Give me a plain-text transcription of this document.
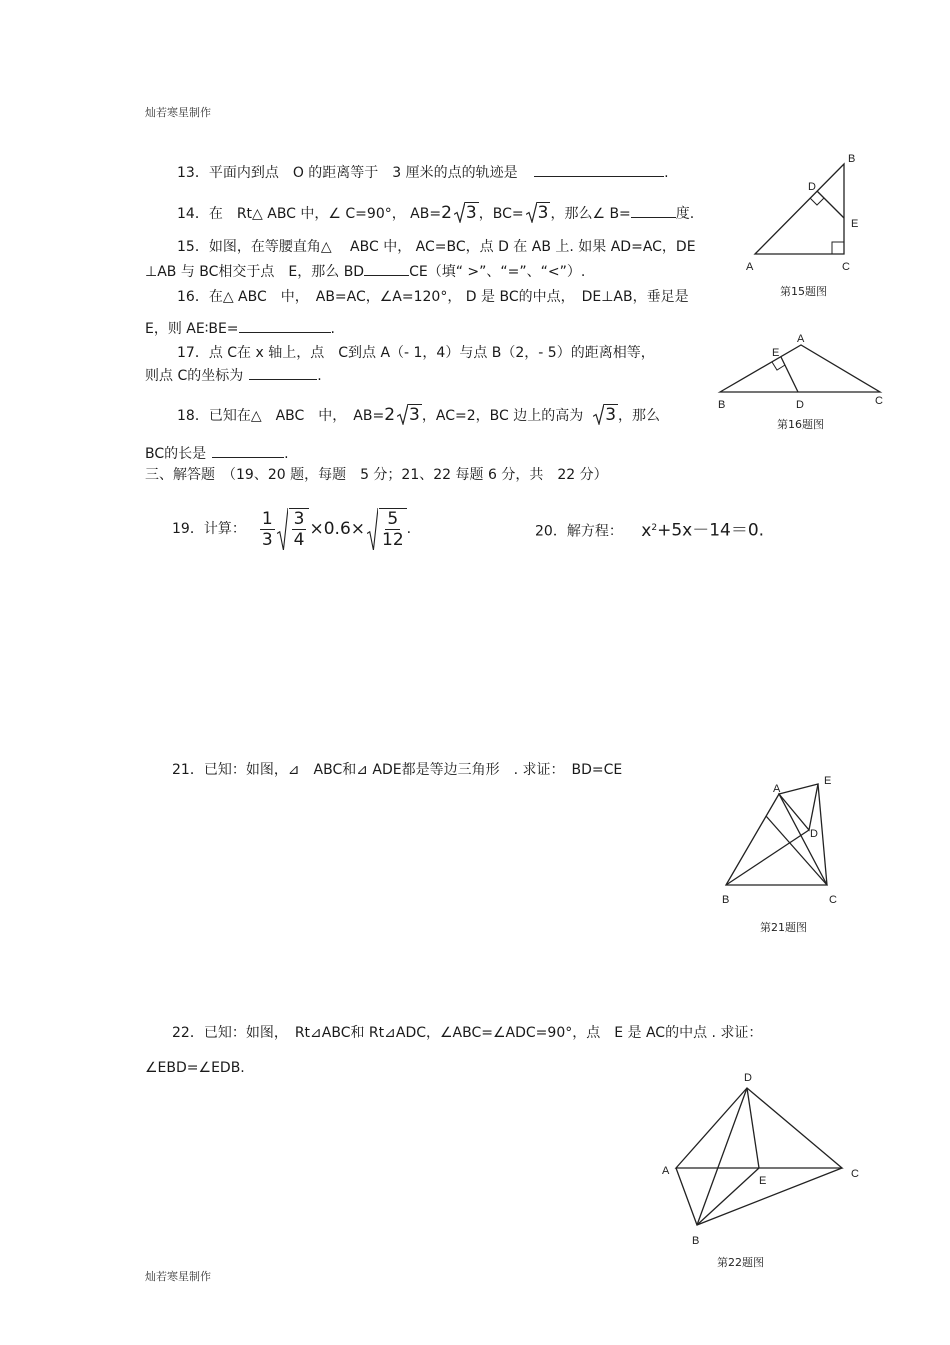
灿若寒星制作
灿若寒星制作
13．平面内到点　O 的距离等于　3 厘米的点的轨迹是	.
14．在　Rt△ ABC 中，∠ C=90°， AB=2 3 ，BC= 3 ，那么∠ B=	度.
15．如图，在等腰直角△　 ABC 中， AC=BC，点 D 在 AB 上. 如果 AD=AC，DE
⊥AB 与 BC相交于点　E，那么 BD	CE（填“ >”、“=”、“<”）.
16．在△ ABC　中，　AB=AC，∠A=120°， D 是 BC的中点，　DE⊥AB，垂足是
E，则 AE∶BE=	.
17．点 C在 x 轴上，点　C到点 A（- 1，4）与点 B（2，- 5）的距离相等，
则点 C的坐标为	.
18．已知在△　ABC　中，　AB=2 3 ，AC=2，BC 边上的高为 3 ，那么
BC的长是	.
三、解答题　（19、20 题，每题　5 分；21、22 每题 6 分，共　22 分）
19．计算： $\frac{1}{3} \frac{3}{4} \times 0.6\times \frac{5}{12}$ .	20．解方程： $x^2+5x-14=0$.
21．已知：如图，⊿　ABC和⊿ ADE都是等边三角形　. 求证：　BD=CE
22．已知：如图，　Rt⊿ABC和 Rt⊿ADC，∠ABC=∠ADC=90°，点　E 是 AC的中点 . 求证：
∠EBD=∠EDB.
A
B
C
D
E
第15题图
B
A
C
D
E
第16题图
A
E
D
B	C
第21题图
D
A	C
E
B
第22题图
